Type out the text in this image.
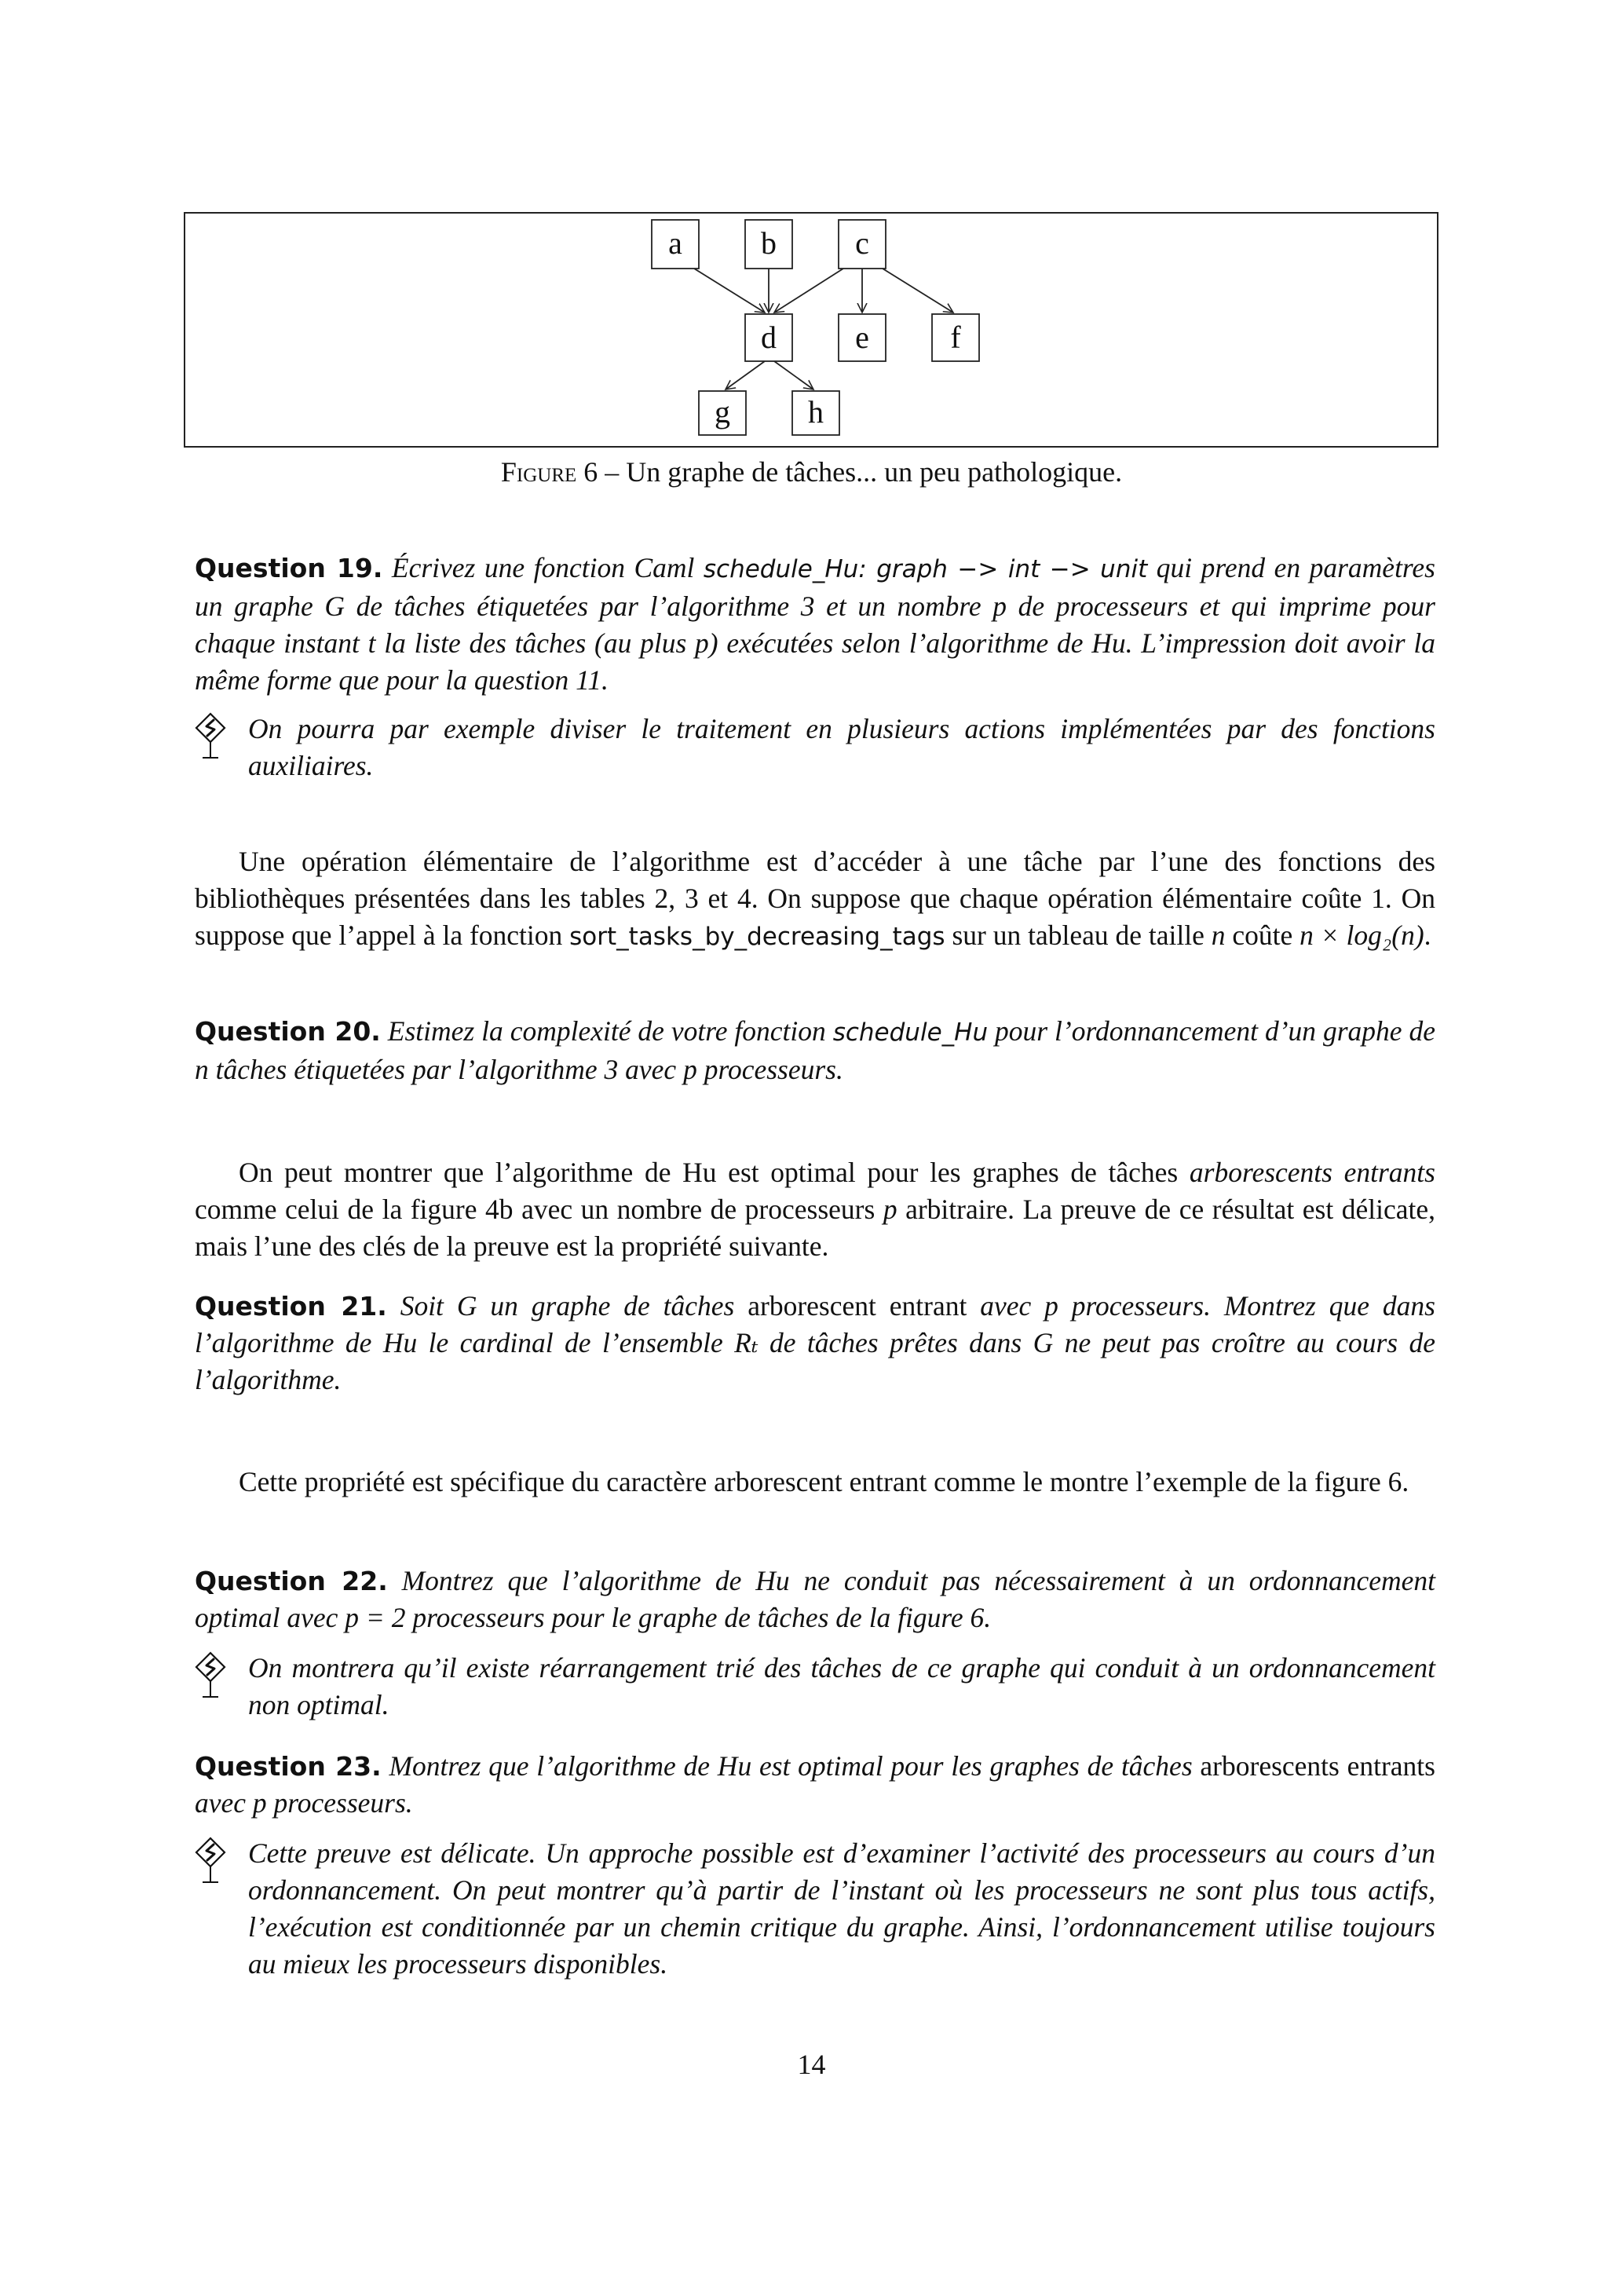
a	b	c
d	e	f
g h
Figure 6 – Un graphe de tâches... un peu pathologique.
Question 19. Écrivez une fonction Caml schedule_Hu: graph −> int −> unit qui prend en paramètres un graphe G de tâches étiquetées par l’algorithme 3 et un nombre p de processeurs et qui imprime pour chaque instant t la liste des tâches (au plus p) exécutées selon l’algorithme de Hu. L’impression doit avoir la même forme que pour la question 11.
On pourra par exemple diviser le traitement en plusieurs actions implémentées par des fonctions auxiliaires.
Une opération élémentaire de l’algorithme est d’accéder à une tâche par l’une des fonctions des bibliothèques présentées dans les tables 2, 3 et 4. On suppose que chaque opération élémentaire coûte 1. On suppose que l’appel à la fonction sort_tasks_by_decreasing_tags sur un tableau de taille n coûte n × log₂(n).
Question 20. Estimez la complexité de votre fonction schedule_Hu pour l’ordonnancement d’un graphe de n tâches étiquetées par l’algorithme 3 avec p processeurs.
On peut montrer que l’algorithme de Hu est optimal pour les graphes de tâches arborescents entrants comme celui de la figure 4b avec un nombre de processeurs p arbitraire. La preuve de ce résultat est délicate, mais l’une des clés de la preuve est la propriété suivante.
Question 21. Soit G un graphe de tâches arborescent entrant avec p processeurs. Montrez que dans l’algorithme de Hu le cardinal de l’ensemble Rₜ de tâches prêtes dans G ne peut pas croître au cours de l’algorithme.
Cette propriété est spécifique du caractère arborescent entrant comme le montre l’exemple de la figure 6.
Question 22. Montrez que l’algorithme de Hu ne conduit pas nécessairement à un ordonnancement optimal avec p = 2 processeurs pour le graphe de tâches de la figure 6.
On montrera qu’il existe réarrangement trié des tâches de ce graphe qui conduit à un ordonnancement non optimal.
Question 23. Montrez que l’algorithme de Hu est optimal pour les graphes de tâches arborescents entrants avec p processeurs.
Cette preuve est délicate. Un approche possible est d’examiner l’activité des processeurs au cours d’un ordonnancement. On peut montrer qu’à partir de l’instant où les processeurs ne sont plus tous actifs, l’exécution est conditionnée par un chemin critique du graphe. Ainsi, l’ordonnancement utilise toujours au mieux les processeurs disponibles.
14
